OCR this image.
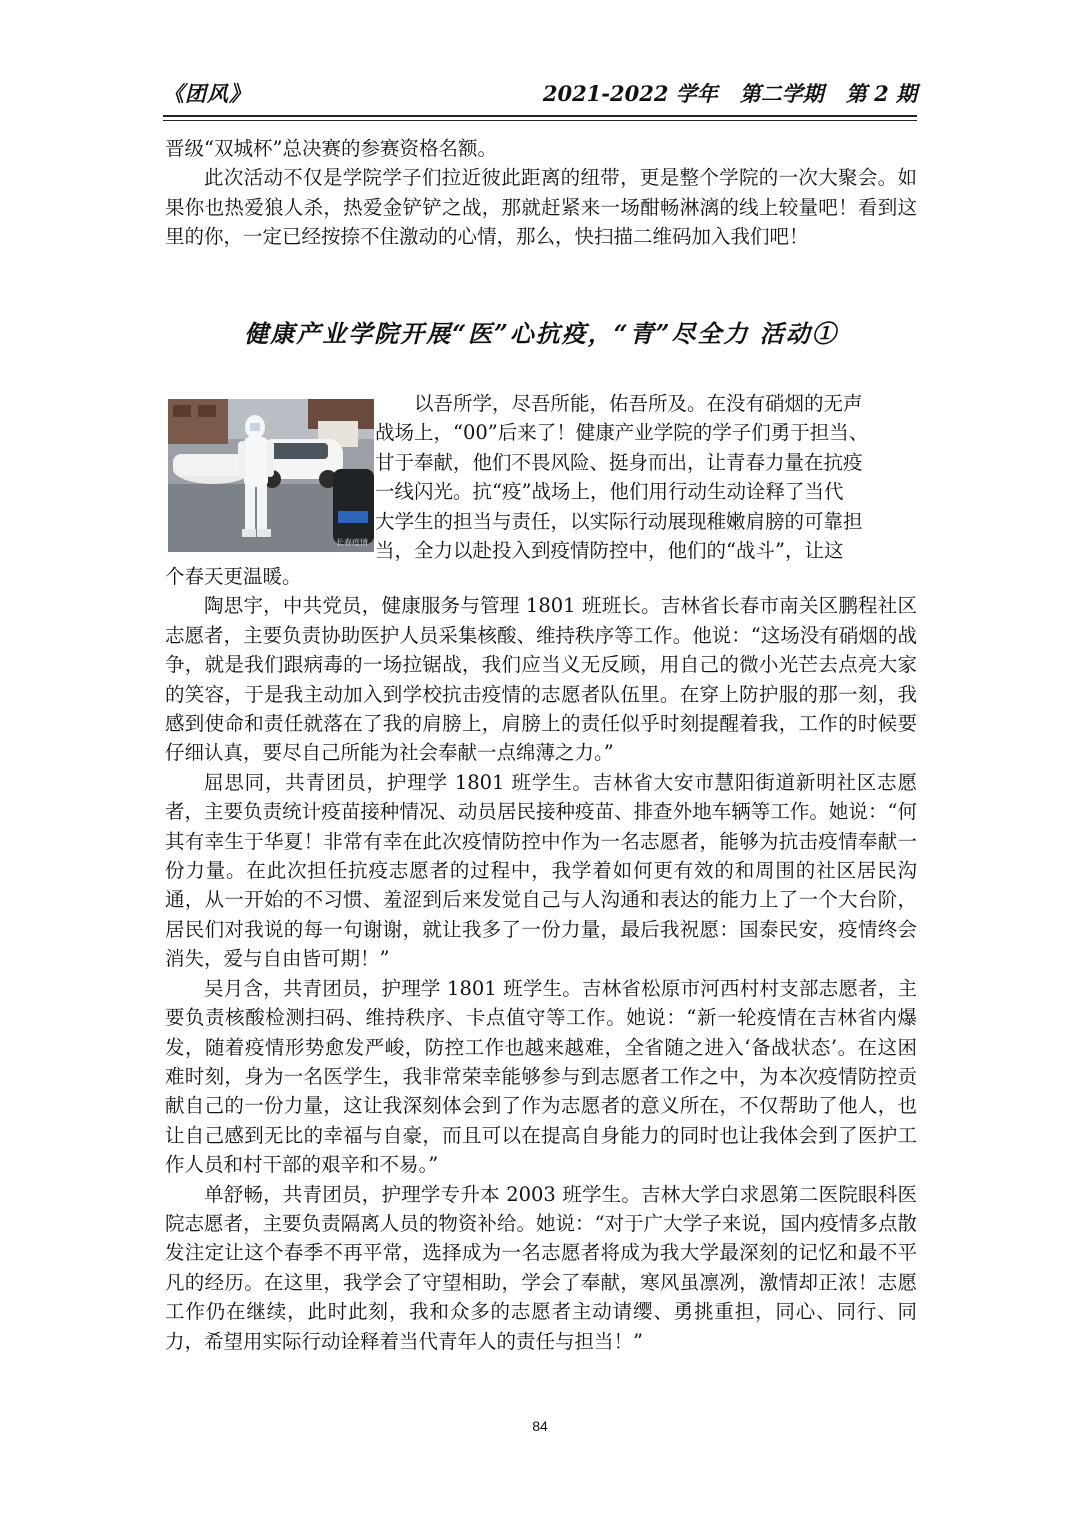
《团风》	2021-2022 学年 第二学期 第 2 期

晋级“双城杯”总决赛的参赛资格名额。

此次活动不仅是学院学子们拉近彼此距离的纽带，更是整个学院的一次大聚会。如果你也热爱狼人杀，热爱金铲铲之战，那就赶紧来一场酣畅淋漓的线上较量吧！看到这里的你，一定已经按捺不住激动的心情，那么，快扫描二维码加入我们吧！

健康产业学院开展“医”心抗疫，“青”尽全力 活动①
长春疫情

以吾所学，尽吾所能，佑吾所及。在没有硝烟的无声

战场上，“00”后来了！健康产业学院的学子们勇于担当、

甘于奉献，他们不畏风险、挺身而出，让青春力量在抗疫

一线闪光。抗“疫”战场上，他们用行动生动诠释了当代

大学生的担当与责任，以实际行动展现稚嫩肩膀的可靠担

当，全力以赴投入到疫情防控中，他们的“战斗”，让这

个春天更温暖。

陶思宇，中共党员，健康服务与管理 1801 班班长。吉林省长春市南关区鹏程社区志愿者，主要负责协助医护人员采集核酸、维持秩序等工作。他说：“这场没有硝烟的战争，就是我们跟病毒的一场拉锯战，我们应当义无反顾，用自己的微小光芒去点亮大家的笑容，于是我主动加入到学校抗击疫情的志愿者队伍里。在穿上防护服的那一刻，我感到使命和责任就落在了我的肩膀上，肩膀上的责任似乎时刻提醒着我，工作的时候要仔细认真，要尽自己所能为社会奉献一点绵薄之力。”

屈思同，共青团员，护理学 1801 班学生。吉林省大安市慧阳街道新明社区志愿者，主要负责统计疫苗接种情况、动员居民接种疫苗、排查外地车辆等工作。她说：“何其有幸生于华夏！非常有幸在此次疫情防控中作为一名志愿者，能够为抗击疫情奉献一份力量。在此次担任抗疫志愿者的过程中，我学着如何更有效的和周围的社区居民沟通，从一开始的不习惯、羞涩到后来发觉自己与人沟通和表达的能力上了一个大台阶，居民们对我说的每一句谢谢，就让我多了一份力量，最后我祝愿：国泰民安，疫情终会消失，爱与自由皆可期！”

吴月含，共青团员，护理学 1801 班学生。吉林省松原市河西村村支部志愿者，主要负责核酸检测扫码、维持秩序、卡点值守等工作。她说：“新一轮疫情在吉林省内爆发，随着疫情形势愈发严峻，防控工作也越来越难，全省随之进入‘备战状态’。在这困难时刻，身为一名医学生，我非常荣幸能够参与到志愿者工作之中，为本次疫情防控贡献自己的一份力量，这让我深刻体会到了作为志愿者的意义所在，不仅帮助了他人，也让自己感到无比的幸福与自豪，而且可以在提高自身能力的同时也让我体会到了医护工作人员和村干部的艰辛和不易。”

单舒畅，共青团员，护理学专升本 2003 班学生。吉林大学白求恩第二医院眼科医院志愿者，主要负责隔离人员的物资补给。她说：“对于广大学子来说，国内疫情多点散发注定让这个春季不再平常，选择成为一名志愿者将成为我大学最深刻的记忆和最不平凡的经历。在这里，我学会了守望相助，学会了奉献，寒风虽凛冽，激情却正浓！志愿工作仍在继续，此时此刻，我和众多的志愿者主动请缨、勇挑重担，同心、同行、同力，希望用实际行动诠释着当代青年人的责任与担当！”

84
